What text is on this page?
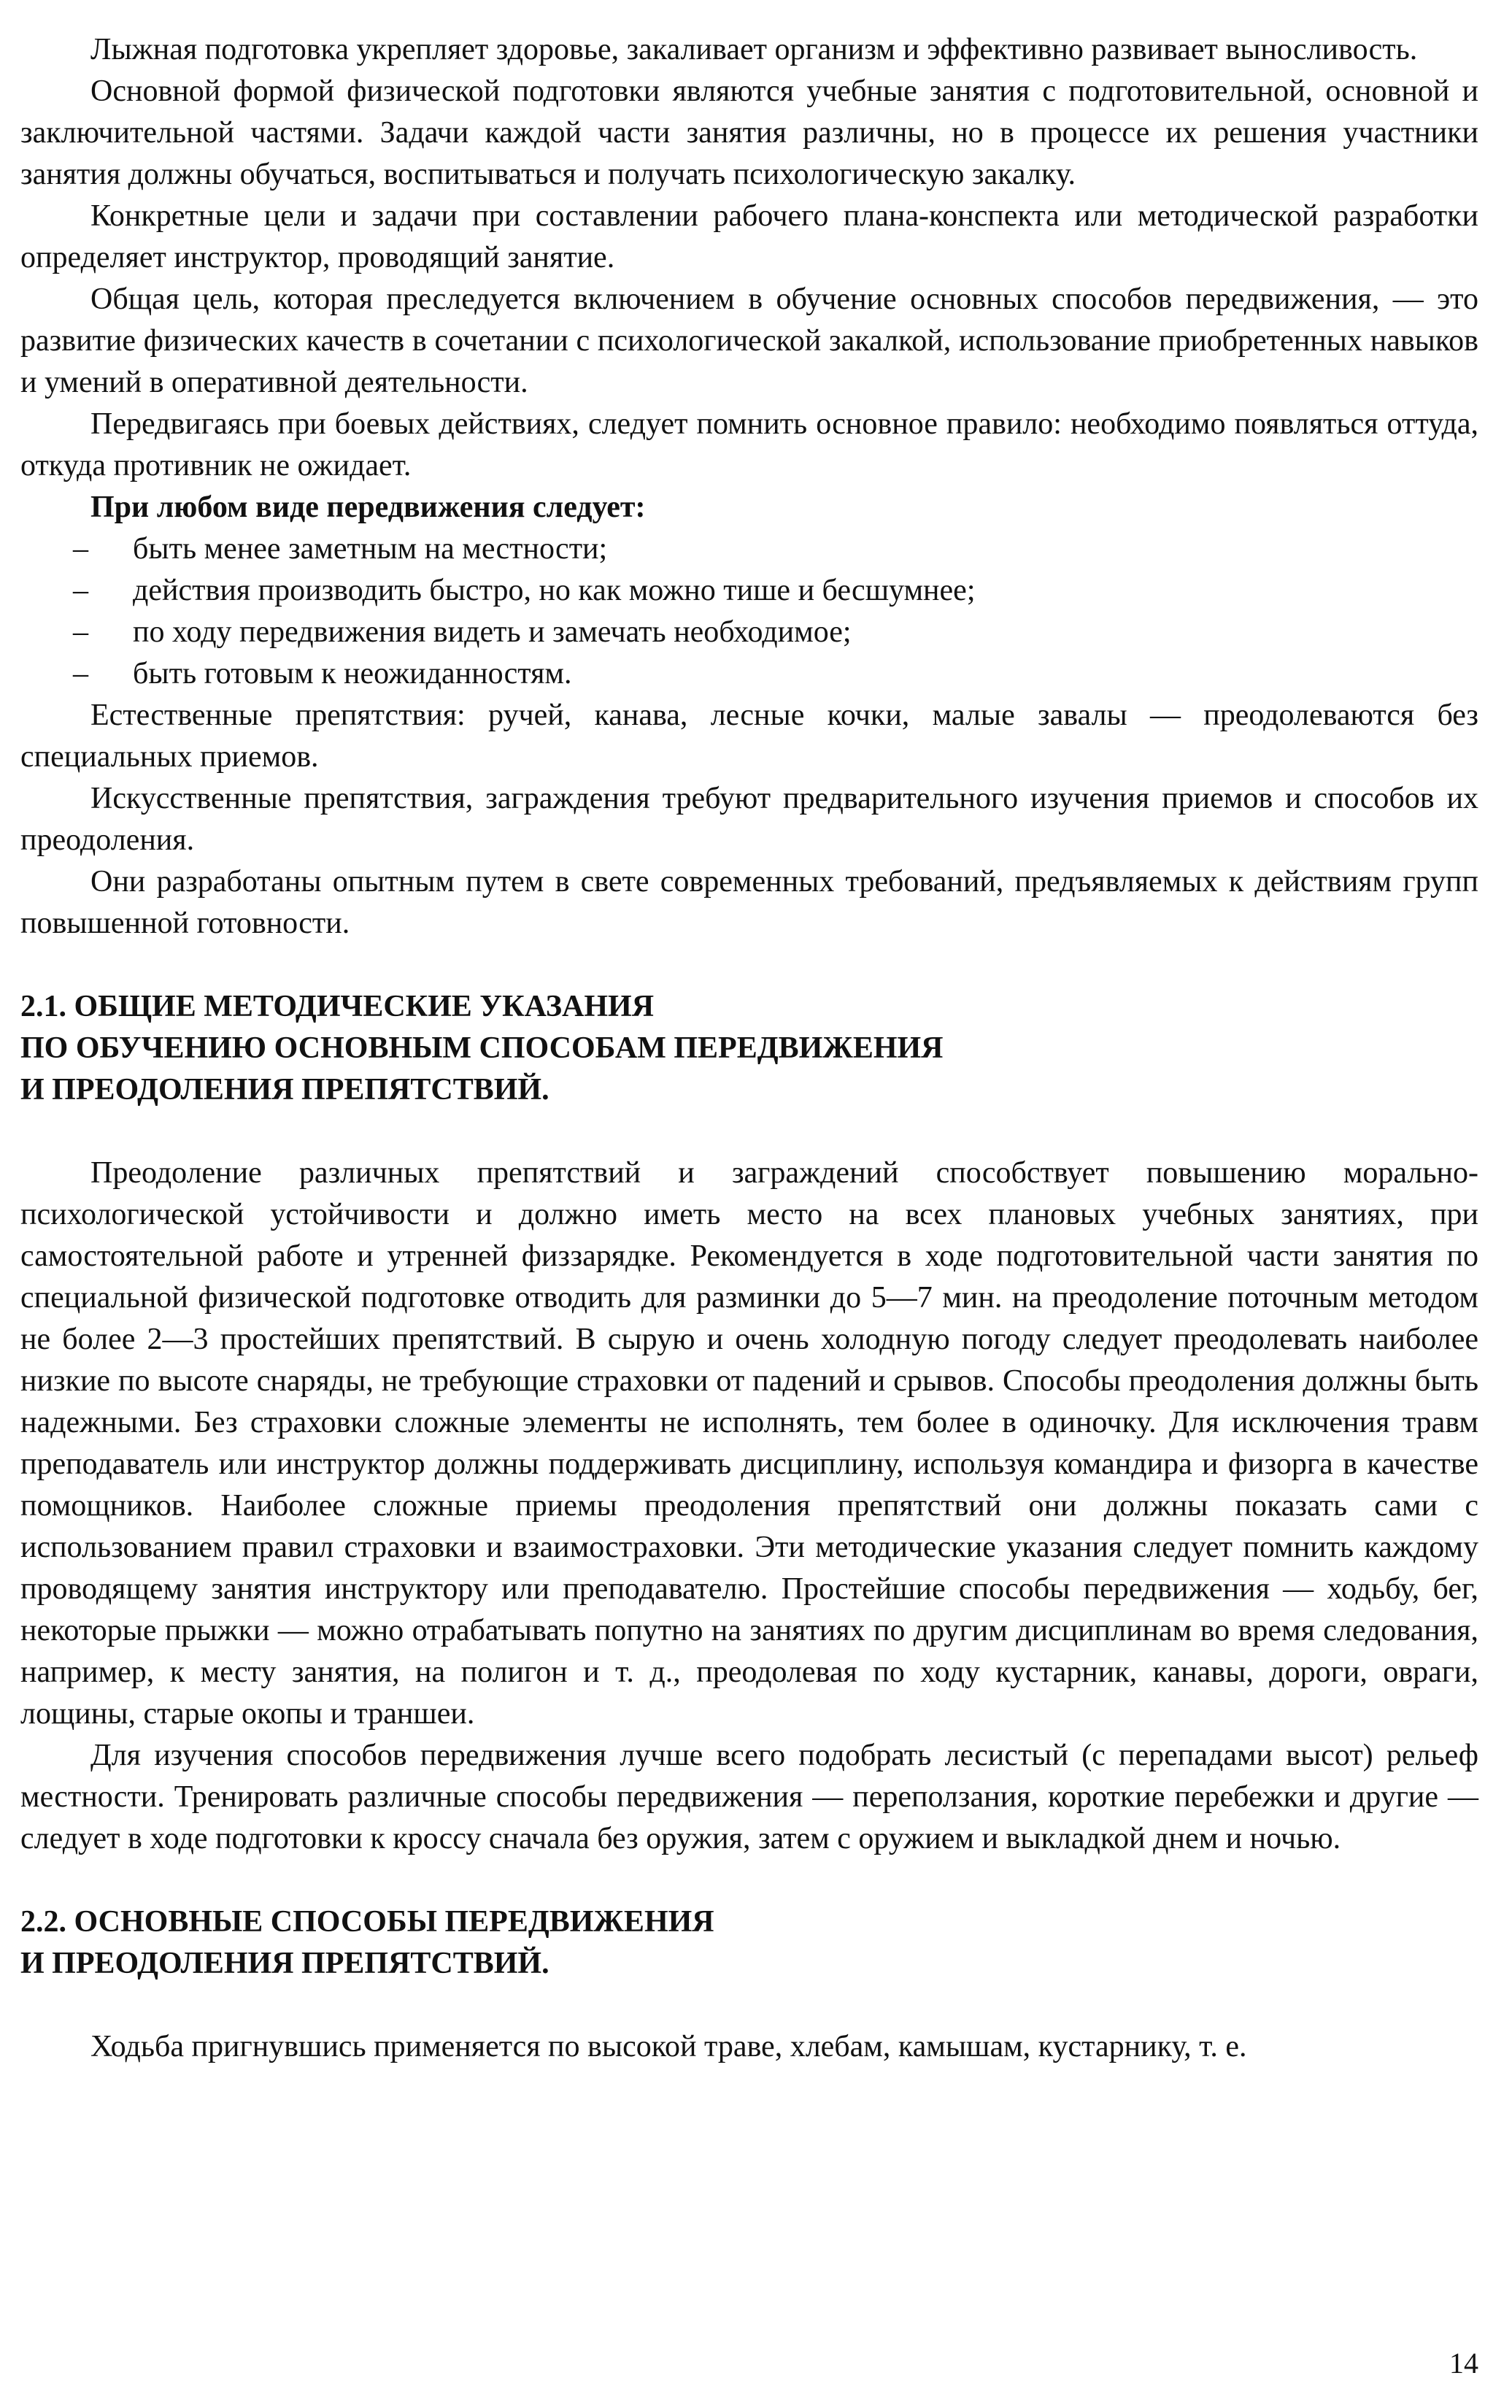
Лыжная подготовка укрепляет здоровье, закаливает организм и эффективно развивает выносливость.

Основной формой физической подготовки являются учебные занятия с подготовительной, основной и заключительной частями. Задачи каждой части занятия различны, но в процессе их решения участники занятия должны обучаться, воспитываться и получать психологическую закалку.

Конкретные цели и задачи при составлении рабочего плана-конспекта или методической разработки определяет инструктор, проводящий занятие.

Общая цель, которая преследуется включением в обучение основных способов передвижения, — это развитие физических качеств в сочетании с психологической закалкой, использование приобретенных навыков и умений в оперативной деятельности.

Передвигаясь при боевых действиях, следует помнить основное правило: необходимо появляться оттуда, откуда противник не ожидает.

При любом виде передвижения следует:

–	быть менее заметным на местности;
–	действия производить быстро, но как можно тише и бесшумнее;
–	по ходу передвижения видеть и замечать необходимое;
–	быть готовым к неожиданностям.

Естественные препятствия: ручей, канава, лесные кочки, малые завалы — преодолеваются без специальных приемов.

Искусственные препятствия, заграждения требуют предварительного изучения приемов и способов их преодоления.

Они разработаны опытным путем в свете современных требований, предъявляемых к действиям групп повышенной готовности.

2.1. ОБЩИЕ МЕТОДИЧЕСКИЕ УКАЗАНИЯ
ПО ОБУЧЕНИЮ ОСНОВНЫМ СПОСОБАМ ПЕРЕДВИЖЕНИЯ
И ПРЕОДОЛЕНИЯ ПРЕПЯТСТВИЙ.

Преодоление различных препятствий и заграждений способствует повышению морально-психологической устойчивости и должно иметь место на всех плановых учебных занятиях, при самостоятельной работе и утренней физзарядке. Рекомендуется в ходе подготовительной части занятия по специальной физической подготовке отводить для разминки до 5—7 мин. на преодоление поточным методом не более 2—3 простейших препятствий. В сырую и очень холодную погоду следует преодолевать наиболее низкие по высоте снаряды, не требующие страховки от падений и срывов. Способы преодоления должны быть надежными. Без страховки сложные элементы не исполнять, тем более в одиночку. Для исключения травм преподаватель или инструктор должны поддерживать дисциплину, используя командира и физорга в качестве помощников. Наиболее сложные приемы преодоления препятствий они должны показать сами с использованием правил страховки и взаимостраховки. Эти методические указания следует помнить каждому проводящему занятия инструктору или преподавателю. Простейшие способы передвижения — ходьбу, бег, некоторые прыжки — можно отрабатывать попутно на занятиях по другим дисциплинам во время следования, например, к месту занятия, на полигон и т. д., преодолевая по ходу кустарник, канавы, дороги, овраги, лощины, старые окопы и траншеи.

Для изучения способов передвижения лучше всего подобрать лесистый (с перепадами высот) рельеф местности. Тренировать различные способы передвижения — переползания, короткие перебежки и другие — следует в ходе подготовки к кроссу сначала без оружия, затем с оружием и выкладкой днем и ночью.

2.2. ОСНОВНЫЕ СПОСОБЫ ПЕРЕДВИЖЕНИЯ
И ПРЕОДОЛЕНИЯ ПРЕПЯТСТВИЙ.

Ходьба пригнувшись применяется по высокой траве, хлебам, камышам, кустарнику, т. е.

14
